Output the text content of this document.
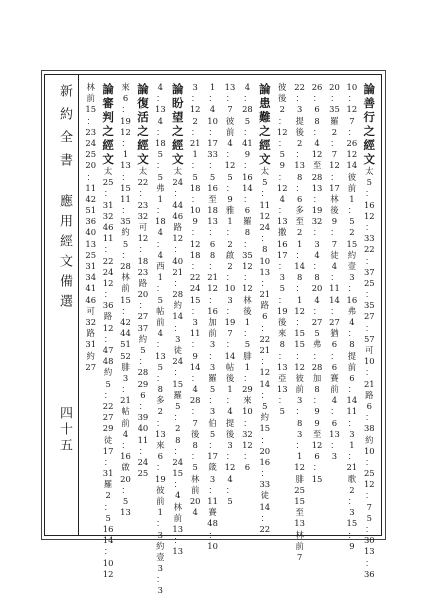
新約全書
應用經文備選
四十五
論
善
行
之
經
文
太
5
：
16
12
：
33
22
：
37
25
：
35
27
：
57
可
10
：
21
路
6
：
38
約
10
：
25
12
：
7
5
：
30
13
：
36
10
：
12
7
：
26
12
14
彼
前
1
：
5
2
15
約
壹
3
：
16
弗
4
：
8
提
前
6
：
14
11
：
3
1
：
21
歌
2
：
3
15
：
9
20
：
35
羅
2
：
7
12
：
17
林
後
9
：
7
徒
4
：
11
14
：
27
猶
6
：
6
賽
前
4
：
6
13
：
3
26
：
6
8
：
4
12
至
28
13
：
19
32
：
3
4
：
8
20
4
：
27
5
弗
：
28
加
8
：
9
9
至
12
6
：
15
22
：
3
提
後
2
：
13
8
：
6
多
至
2
1
：
14
8
：
1
12
：
15
15
：
12
彼
前
3
：
8
3
：
1
12
腓
25
15
至
13
林
前
7
彼
後
2
：
12
：
5
9
：
12
4
：
13
撒
16
17
：
3
5
：
19
後
來
8
：
13
亞
13
：
5
論
患
難
之
經
文
太
5
：
11
12
24
：
8
10
13
：
21
路
6
：
22
21
：
12
14
：
5
約
15
：
20
16
：
33
徒
14
：
22
4
：
28
5
：
41
9
：
16
14
：
6
羅
8
：
35
12
：
12
林
後
1
：
5
腓
1
：
29
來
10
：
32
12
：
6
13
：
7
彼
前
4
：
12
5
：
9
雅
1
：
2
啟
2
：
10
3
：
19
7
：
14
帖
後
1
：
4
提
後
3
：
12
4
：
5
1
：
4
10
：
17
33
：
5
16
至
18
13
：
6
8
：
21
12
：
16
加
前
3
：
3
羅
5
：
3
伯
5
：
17
箴
3
：
11
賽
48
：
10
3
：
12
2
：
21
1
：
5
18
：
10
9
：
12
18
：
22
24
15
：
3
11
：
9
14
：
4
28
：
7
後
8
：
5
林
前
20
4
論
盼
望
之
經
文
太
24
：
44
46
路
12
：
40
21
：
28
約
14
：
3
徒
24
：
15
羅
5
：
2
8
：
24
15
：
4
林
前
13
：
13
4
：
13
4
：
18
5
：
5
弗
1
：
18
4
：
4
西
1
：
5
帖
前
4
：
13
5
：
8
多
2
：
13
來
6
：
19
彼
前
1
：
3
約
壹
3
：
3
論
復
活
之
經
文
太
22
：
23
32
可
12
：
18
23
路
20
：
27
37
約
5
：
28
29
6
：
39
40
11
：
24
25
來
6
：
19
12
：
1
13
：
15
11
：
35
約
5
：
28
林
前
15
：
42
44
51
52
腓
3
：
21
帖
前
4
：
16
啟
20
：
5
13
論
審
判
之
經
文
太
25
：
31
32
46
11
：
22
24
12
：
36
路
12
：
47
48
約
5
：
22
27
29
徒
17
：
31
羅
2
：
5
16
14
：
10
12
林
前
15
：
23
24
25
20
：
11
42
51
36
40
13
25
31
34
41
46
可
32
路
31
約
27
